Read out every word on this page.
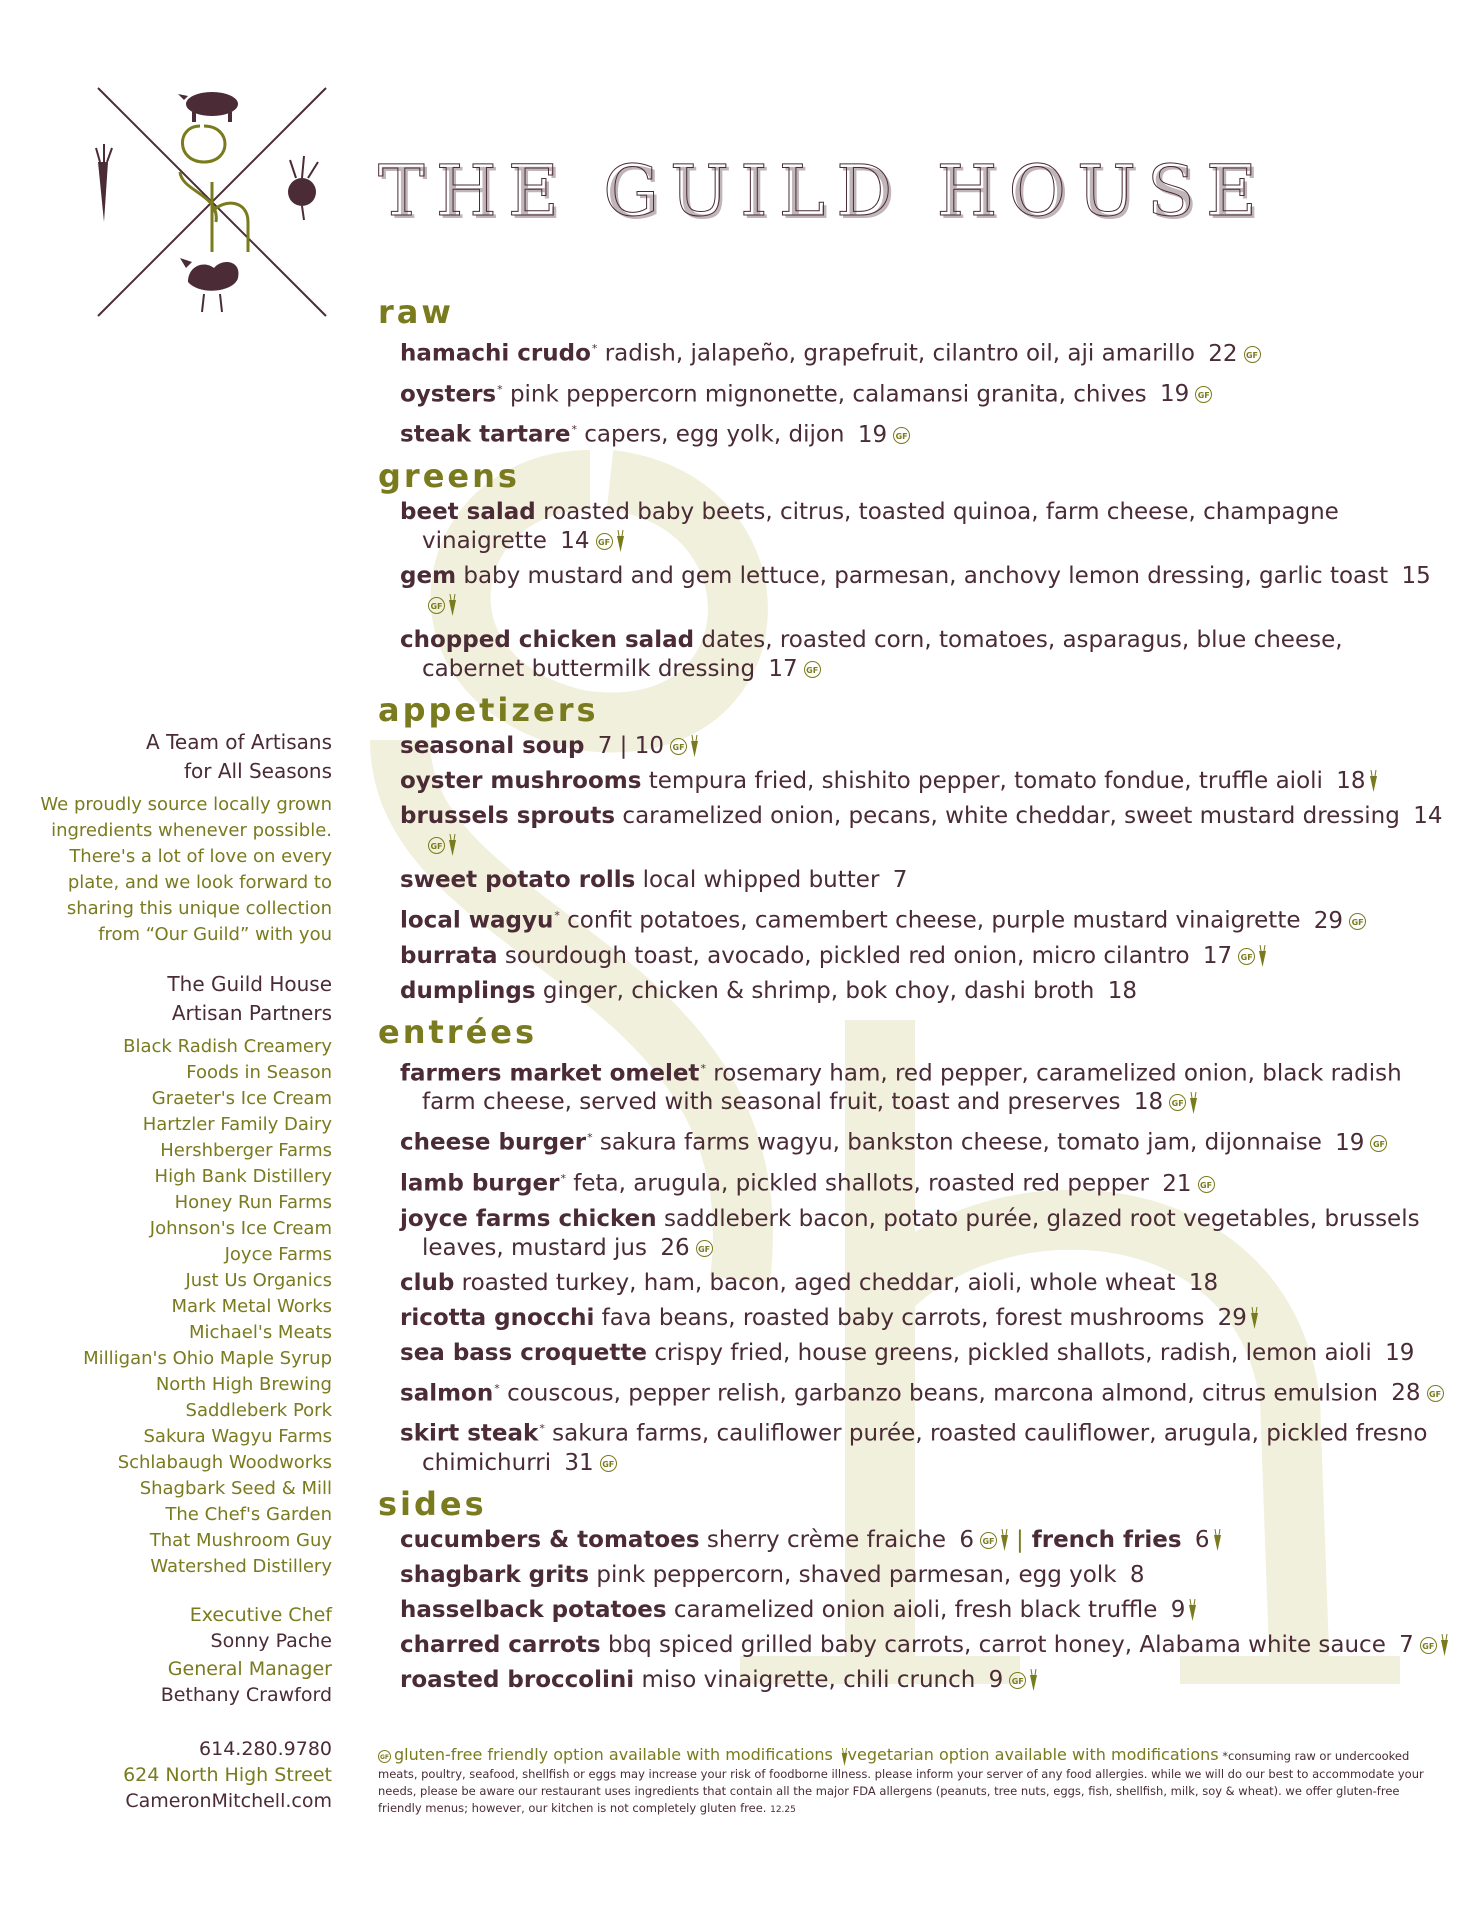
THE GUILD HOUSE
raw
hamachi crudo* radish, jalapeño, grapefruit, cilantro oil, aji amarillo 22 GF
oysters* pink peppercorn mignonette, calamansi granita, chives 19 GF
steak tartare* capers, egg yolk, dijon 19 GF
greens
beet salad roasted baby beets, citrus, toasted quinoa, farm cheese, champagne vinaigrette 14 GF
gem baby mustard and gem lettuce, parmesan, anchovy lemon dressing, garlic toast 15GF
chopped chicken salad dates, roasted corn, tomatoes, asparagus, blue cheese, cabernet buttermilk dressing 17 GF
appetizers
seasonal soup 7 | 10 GF
oyster mushrooms tempura fried, shishito pepper, tomato fondue, truffle aioli 18
brussels sprouts caramelized onion, pecans, white cheddar, sweet mustard dressing 14GF
sweet potato rolls local whipped butter 7
local wagyu* confit potatoes, camembert cheese, purple mustard vinaigrette 29 GF
burrata sourdough toast, avocado, pickled red onion, micro cilantro 17 GF
dumplings ginger, chicken & shrimp, bok choy, dashi broth 18
entrées
farmers market omelet* rosemary ham, red pepper, caramelized onion, black radish farm cheese, served with seasonal fruit, toast and preserves 18 GF
cheese burger* sakura farms wagyu, bankston cheese, tomato jam, dijonnaise 19 GF
lamb burger* feta, arugula, pickled shallots, roasted red pepper 21 GF
joyce farms chicken saddleberk bacon, potato purée, glazed root vegetables, brussels leaves, mustard jus 26 GF
club roasted turkey, ham, bacon, aged cheddar, aioli, whole wheat 18
ricotta gnocchi fava beans, roasted baby carrots, forest mushrooms 29
sea bass croquette crispy fried, house greens, pickled shallots, radish, lemon aioli 19
salmon* couscous, pepper relish, garbanzo beans, marcona almond, citrus emulsion 28 GF
skirt steak* sakura farms, cauliflower purée, roasted cauliflower, arugula, pickled fresno chimichurri 31 GF
sides
cucumbers & tomatoes sherry crème fraiche 6 GF | french fries 6
shagbark grits pink peppercorn, shaved parmesan, egg yolk 8
hasselback potatoes caramelized onion aioli, fresh black truffle 9
charred carrots bbq spiced grilled baby carrots, carrot honey, Alabama white sauce 7 GF
roasted broccolini miso vinaigrette, chili crunch 9 GF

A Team of Artisans

for All Seasons

We proudly source locally grown ingredients whenever possible. There's a lot of love on every plate, and we look forward to sharing this unique collection from “Our Guild” with you

The Guild House

Artisan Partners

Black Radish Creamery
Foods in Season
Graeter's Ice Cream
Hartzler Family Dairy
Hershberger Farms
High Bank Distillery
Honey Run Farms
Johnson's Ice Cream
Joyce Farms
Just Us Organics
Mark Metal Works
Michael's Meats
Milligan's Ohio Maple Syrup
North High Brewing
Saddleberk Pork
Sakura Wagyu Farms
Schlabaugh Woodworks
Shagbark Seed & Mill
The Chef's Garden
That Mushroom Guy
Watershed Distillery

Executive Chef

Sonny Pache

General Manager

Bethany Crawford

614.280.9780
624 North High Street
CameronMitchell.com
GF gluten-free friendly option available with modifications vegetarian option available with modifications *consuming raw or undercooked meats, poultry, seafood, shellfish or eggs may increase your risk of foodborne illness. please inform your server of any food allergies. while we will do our best to accommodate your needs, please be aware our restaurant uses ingredients that contain all the major FDA allergens (peanuts, tree nuts, eggs, fish, shellfish, milk, soy & wheat). we offer gluten-free friendly menus; however, our kitchen is not completely gluten free. 12.25
